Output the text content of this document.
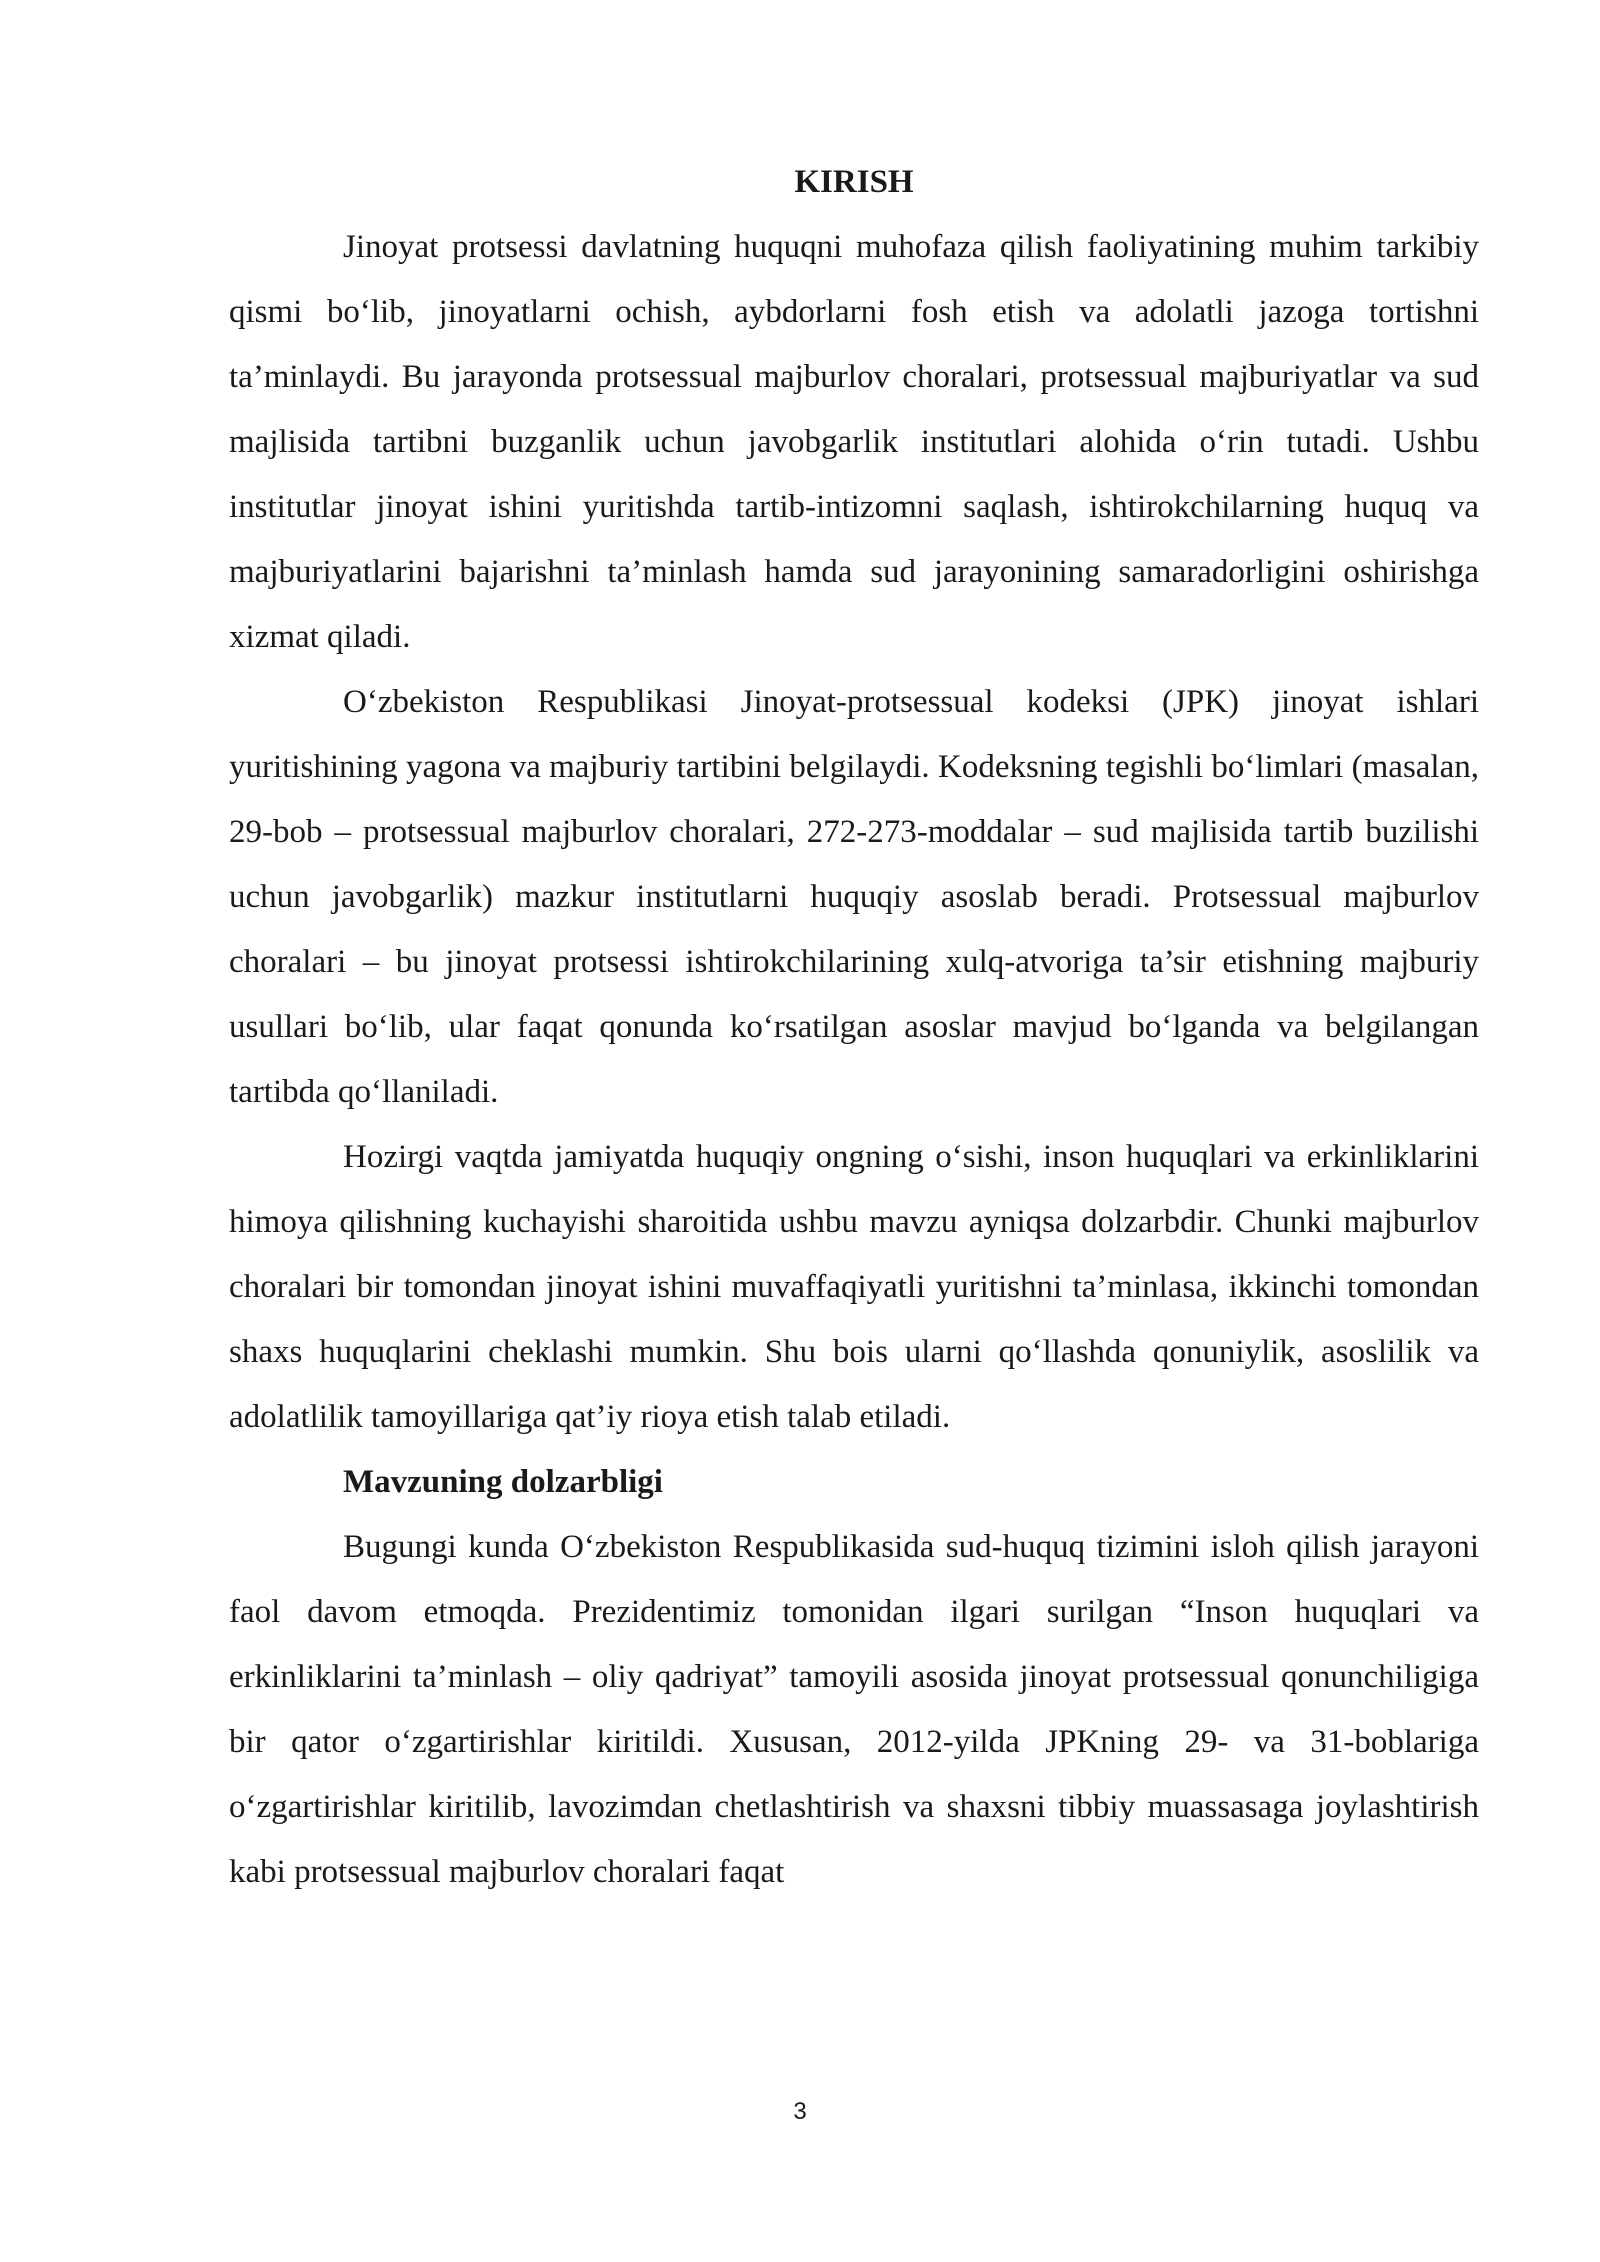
KIRISH

Jinoyat protsessi davlatning huquqni muhofaza qilish faoliyatining muhim tarkibiy qismi bo‘lib, jinoyatlarni ochish, aybdorlarni fosh etish va adolatli jazoga tortishni ta’minlaydi. Bu jarayonda protsessual majburlov choralari, protsessual majburiyatlar va sud majlisida tartibni buzganlik uchun javobgarlik institutlari alohida o‘rin tutadi. Ushbu institutlar jinoyat ishini yuritishda tartib-intizomni saqlash, ishtirokchilarning huquq va majburiyatlarini bajarishni ta’minlash hamda sud jarayonining samaradorligini oshirishga xizmat qiladi.

O‘zbekiston Respublikasi Jinoyat-protsessual kodeksi (JPK) jinoyat ishlari yuritishining yagona va majburiy tartibini belgilaydi. Kodeksning tegishli bo‘limlari (masalan, 29-bob – protsessual majburlov choralari, 272-273-moddalar – sud majlisida tartib buzilishi uchun javobgarlik) mazkur institutlarni huquqiy asoslab beradi. Protsessual majburlov choralari – bu jinoyat protsessi ishtirokchilarining xulq-atvoriga ta’sir etishning majburiy usullari bo‘lib, ular faqat qonunda ko‘rsatilgan asoslar mavjud bo‘lganda va belgilangan tartibda qo‘llaniladi.

Hozirgi vaqtda jamiyatda huquqiy ongning o‘sishi, inson huquqlari va erkinliklarini himoya qilishning kuchayishi sharoitida ushbu mavzu ayniqsa dolzarbdir. Chunki majburlov choralari bir tomondan jinoyat ishini muvaffaqiyatli yuritishni ta’minlasa, ikkinchi tomondan shaxs huquqlarini cheklashi mumkin. Shu bois ularni qo‘llashda qonuniylik, asoslilik va adolatlilik tamoyillariga qat’iy rioya etish talab etiladi.

Mavzuning dolzarbligi

Bugungi kunda O‘zbekiston Respublikasida sud-huquq tizimini isloh qilish jarayoni faol davom etmoqda. Prezidentimiz tomonidan ilgari surilgan “Inson huquqlari va erkinliklarini ta’minlash – oliy qadriyat” tamoyili asosida jinoyat protsessual qonunchiligiga bir qator o‘zgartirishlar kiritildi. Xususan, 2012-yilda JPKning 29- va 31-boblariga o‘zgartirishlar kiritilib, lavozimdan chetlashtirish va shaxsni tibbiy muassasaga joylashtirish kabi protsessual majburlov choralari faqat

3
